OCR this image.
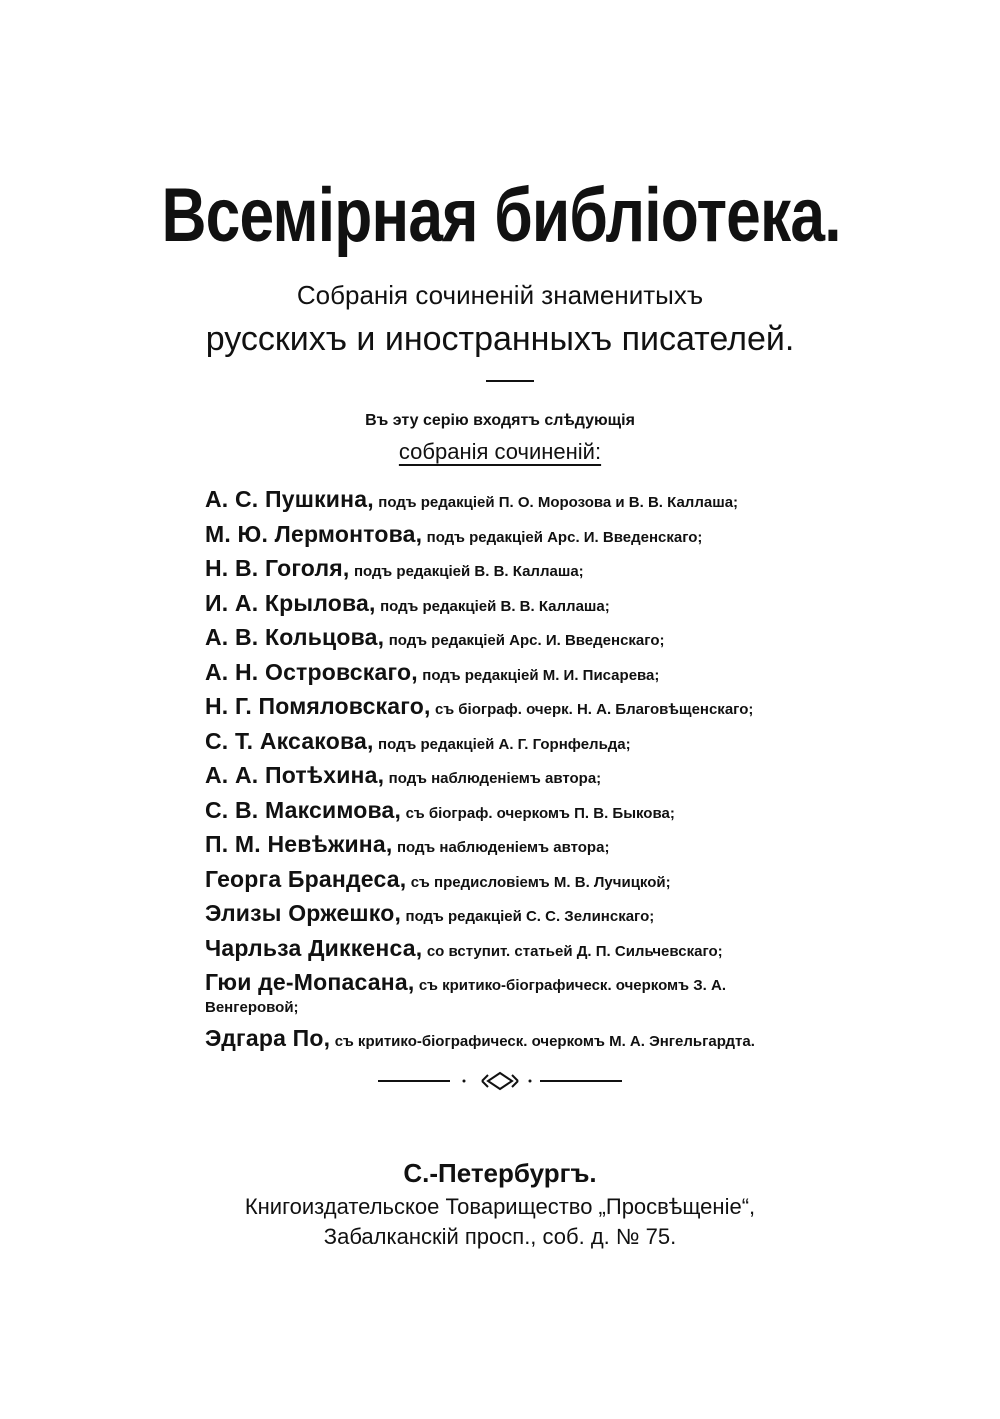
Всемірная библіотека.
Собранія сочиненій знаменитыхъ
русскихъ и иностранныхъ писателей.
Въ эту серію входятъ слѣдующія
собранія сочиненій:
А. С. Пушкина, подъ редакціей П. О. Морозова и В. В. Каллаша;
М. Ю. Лермонтова, подъ редакціей Арс. И. Введенскаго;
Н. В. Гоголя, подъ редакціей В. В. Каллаша;
И. А. Крылова, подъ редакціей В. В. Каллаша;
А. В. Кольцова, подъ редакціей Арс. И. Введенскаго;
А. Н. Островскаго, подъ редакціей М. И. Писарева;
Н. Г. Помяловскаго, съ біограф. очерк. Н. А. Благовѣщенскаго;
С. Т. Аксакова, подъ редакціей А. Г. Горнфельда;
А. А. Потѣхина, подъ наблюденіемъ автора;
С. В. Максимова, съ біограф. очеркомъ П. В. Быкова;
П. М. Невѣжина, подъ наблюденіемъ автора;
Георга Брандеса, съ предисловіемъ М. В. Лучицкой;
Элизы Оржешко, подъ редакціей С. С. Зелинскаго;
Чарльза Диккенса, со вступит. статьей Д. П. Сильчевскаго;
Гюи де-Мопасана, съ критико-біографическ. очеркомъ З. А. Венгеровой;
Эдгара По, съ критико-біографическ. очеркомъ М. А. Энгельгардта.
С.-Петербургъ.
Книгоиздательское Товарищество „Просвѣщеніе“,
Забалканскій просп., соб. д. № 75.
